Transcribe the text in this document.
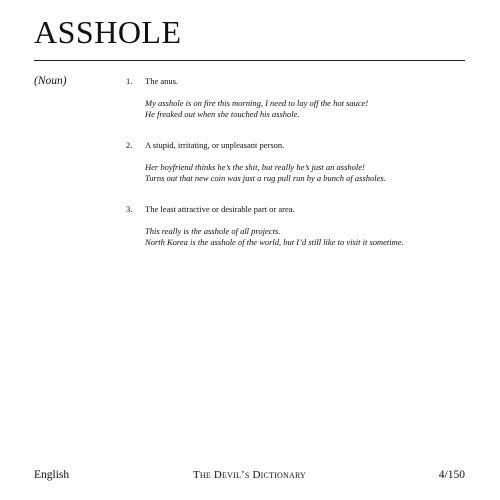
ASSHOLE
(Noun)	1. The anus.

My asshole is on fire this morning, I need to lay off the hot sauce!

He freaked out when she touched his asshole.

2. A stupid, irritating, or unpleasant person.

Her boyfriend thinks he’s the shit, but really he’s just an asshole!

Turns out that new coin was just a rug pull run by a bunch of assholes.

3. The least attractive or desirable part or area.

This really is the asshole of all projects.

North Korea is the asshole of the world, but I’d still like to visit it sometime.

English	The Devil’s Dictionary	4/150
